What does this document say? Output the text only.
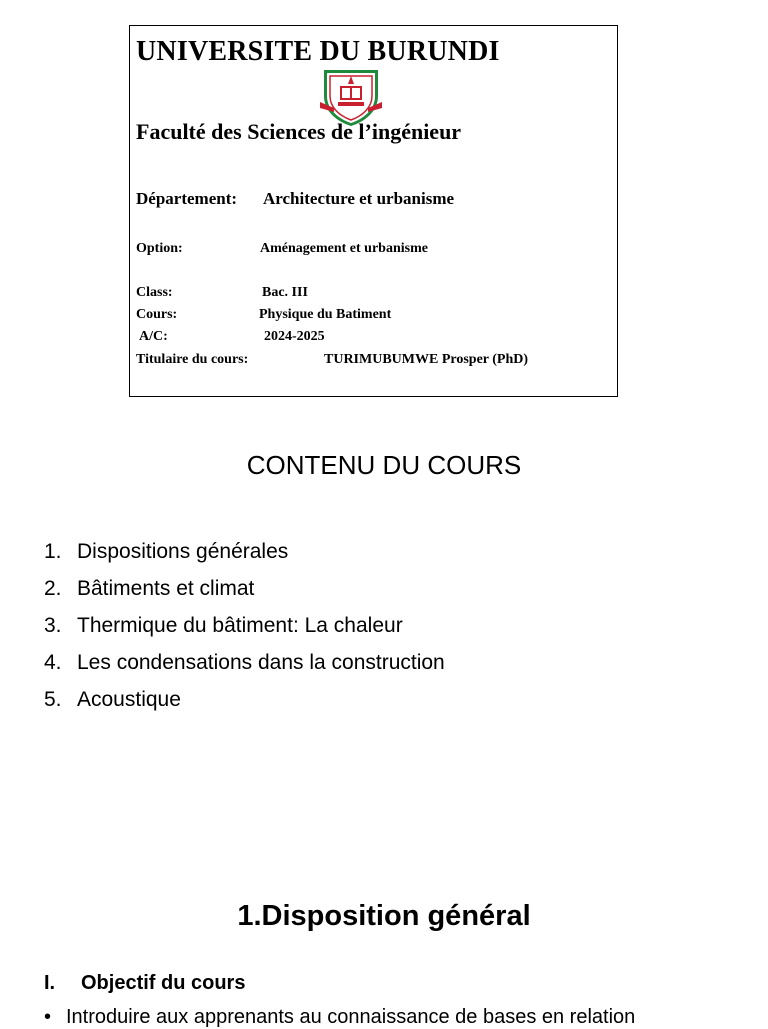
UNIVERSITE DU BURUNDI
Faculté des Sciences de l’ingénieur
Département: Architecture et urbanisme
Option:	Aménagement et urbanisme
Class:	Bac. III
Cours:	Physique du Batiment
A/C:	2024-2025
Titulaire du cours:	TURIMUBUMWE Prosper (PhD)
CONTENU DU COURS
1. Dispositions générales
2. Bâtiments et climat
3. Thermique du bâtiment: La chaleur
4. Les condensations dans la construction
5. Acoustique
1.Disposition général
I. Objectif du cours
• Introduire aux apprenants au connaissance de bases en relation
